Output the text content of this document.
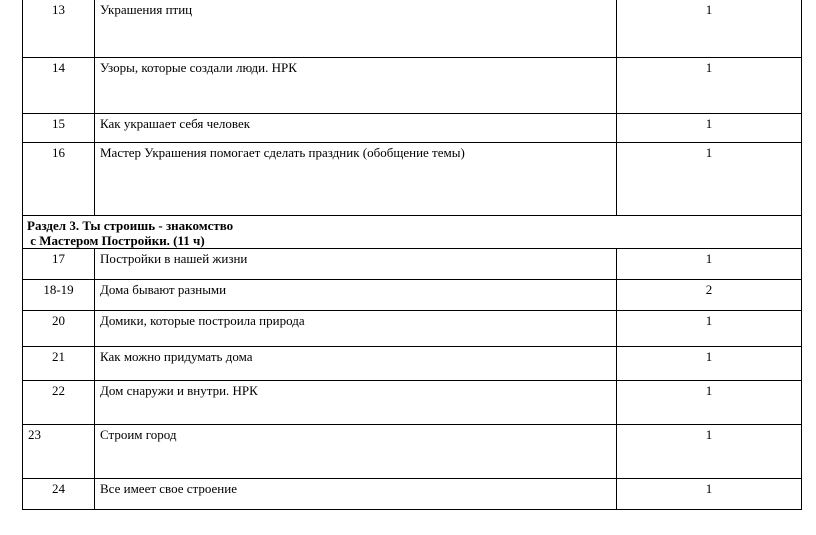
13	Украшения птиц	1
14	Узоры, которые создали люди. НРК	1
15	Как украшает себя человек	1
16	Мастер Украшения помогает сделать праздник (обобщение темы)	1

Раздел 3. Ты строишь - знакомство
с Мастером Постройки. (11 ч)		

17	Постройки в нашей жизни	1
18-19	Дома бывают разными	2
20	Домики, которые построила природа	1
21	Как можно придумать дома	1
22	Дом снаружи и внутри. НРК	1
23	Строим город	1
24	Все имеет свое строение	1
